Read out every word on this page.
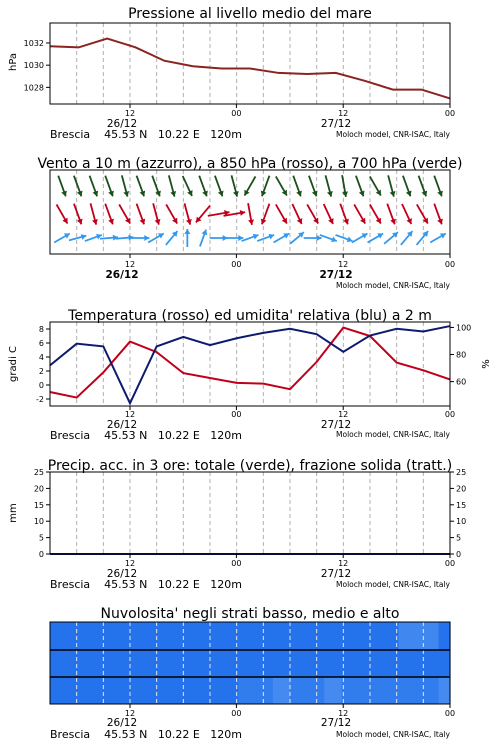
Pressione al livello medio del mare
hPa
1028
1030
1032
12	00	12	00
26/12	27/12
Brescia    45.53 N   10.22 E   120m	Moloch model, CNR-ISAC, Italy
Vento a 10 m (azzurro), a 850 hPa (rosso), a 700 hPa (verde)
12	00	12	00
26/12	27/12
Moloch model, CNR-ISAC, Italy
Temperatura (rosso) ed umidita' relativa (blu) a 2 m
gradi C	%
-2
0
2
4
6
8
60
80
100
12	00	12	00
26/12	27/12
Brescia    45.53 N   10.22 E   120m	Moloch model, CNR-ISAC, Italy
Precip. acc. in 3 ore: totale (verde), frazione solida (tratt.)
mm
0
5
10
15
20
25
0
5
10
15
20
25
12	00	12	00
26/12	27/12
Brescia    45.53 N   10.22 E   120m	Moloch model, CNR-ISAC, Italy
Nuvolosita' negli strati basso, medio e alto
12	00	12	00
26/12	27/12
Brescia    45.53 N   10.22 E   120m	Moloch model, CNR-ISAC, Italy
